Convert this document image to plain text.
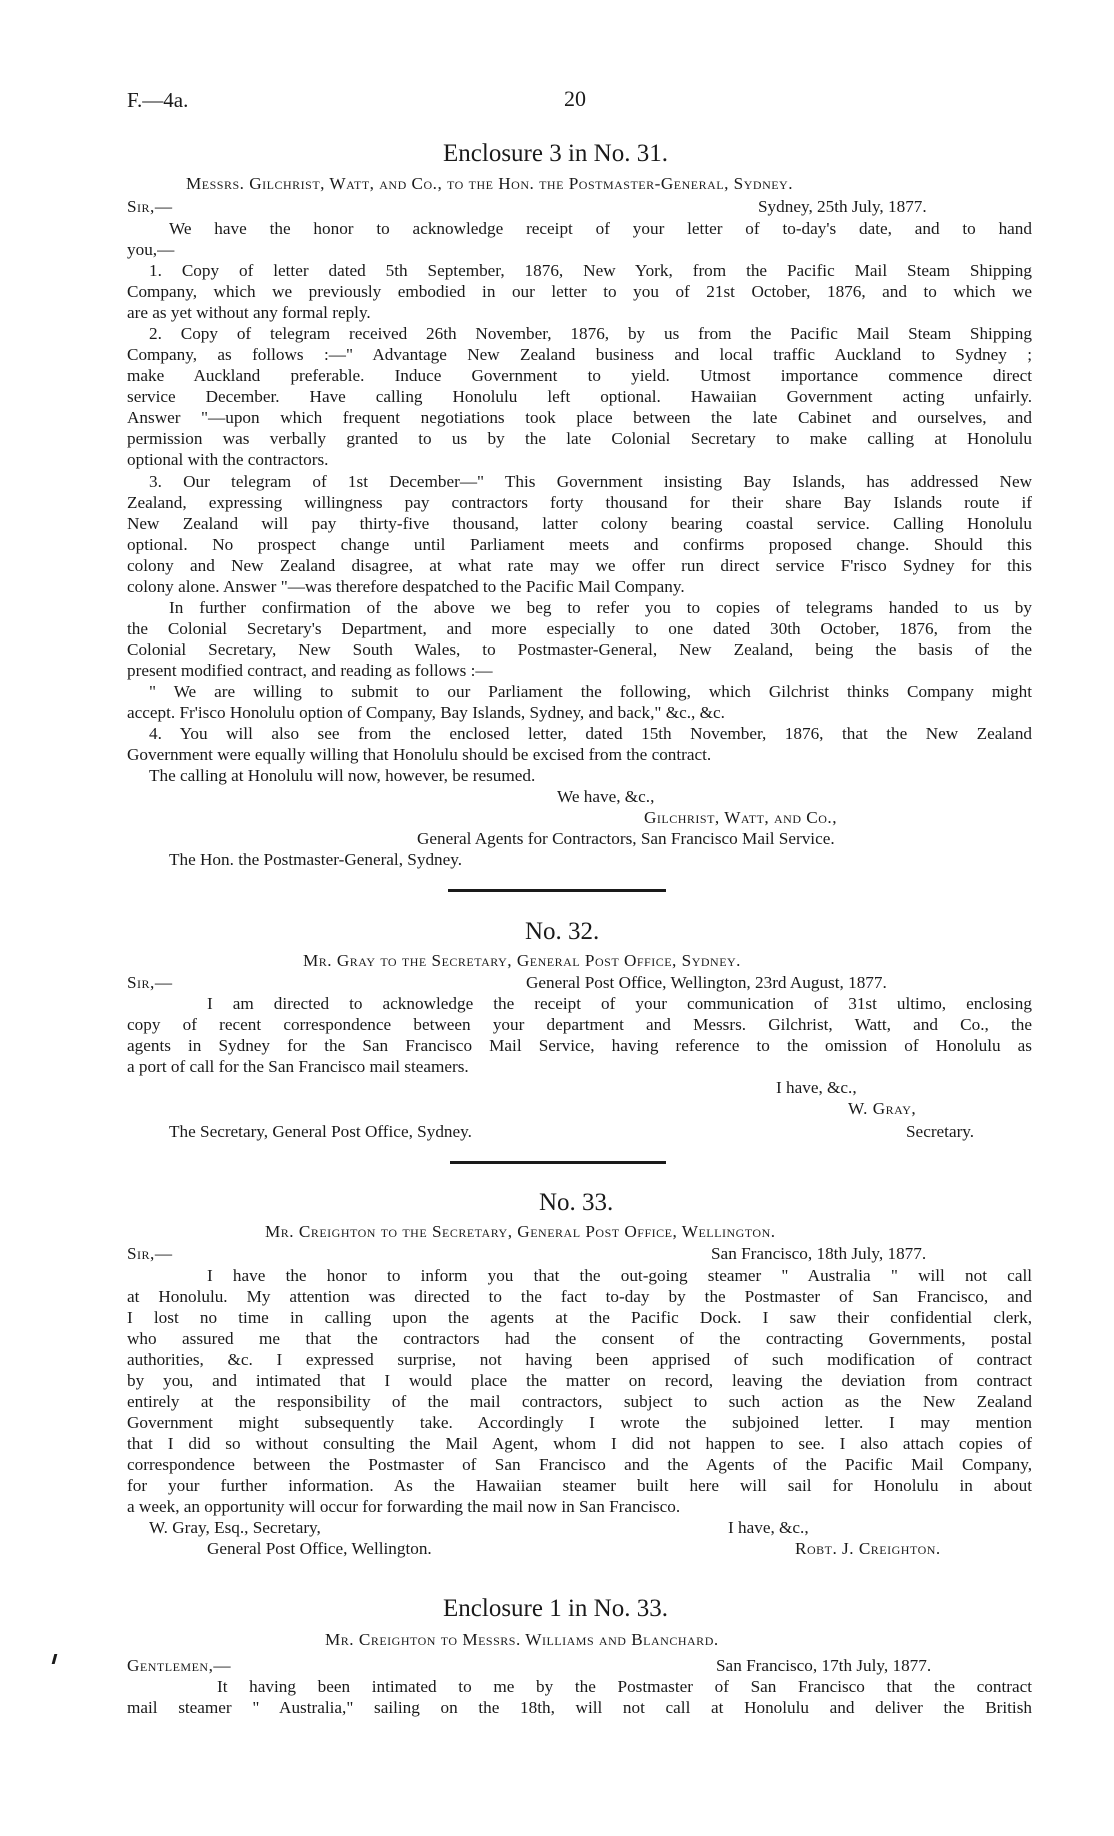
F.—4a.	20
Enclosure 3 in No. 31.
Messrs. Gilchrist, Watt, and Co., to the Hon. the Postmaster-General, Sydney.
Sir,—	Sydney, 25th July, 1877.
We have the honor to acknowledge receipt of your letter of to-day's date, and to hand
you,—
1. Copy of letter dated 5th September, 1876, New York, from the Pacific Mail Steam Shipping
Company, which we previously embodied in our letter to you of 21st October, 1876, and to which we
are as yet without any formal reply.
2. Copy of telegram received 26th November, 1876, by us from the Pacific Mail Steam Shipping
Company, as follows :—" Advantage New Zealand business and local traffic Auckland to Sydney ;
make Auckland preferable. Induce Government to yield. Utmost importance commence direct
service December. Have calling Honolulu left optional. Hawaiian Government acting unfairly.
Answer "—upon which frequent negotiations took place between the late Cabinet and ourselves, and
permission was verbally granted to us by the late Colonial Secretary to make calling at Honolulu
optional with the contractors.
3. Our telegram of 1st December—" This Government insisting Bay Islands, has addressed New
Zealand, expressing willingness pay contractors forty thousand for their share Bay Islands route if
New Zealand will pay thirty-five thousand, latter colony bearing coastal service. Calling Honolulu
optional. No prospect change until Parliament meets and confirms proposed change. Should this
colony and New Zealand disagree, at what rate may we offer run direct service F'risco Sydney for this
colony alone. Answer "—was therefore despatched to the Pacific Mail Company.
In further confirmation of the above we beg to refer you to copies of telegrams handed to us by
the Colonial Secretary's Department, and more especially to one dated 30th October, 1876, from the
Colonial Secretary, New South Wales, to Postmaster-General, New Zealand, being the basis of the
present modified contract, and reading as follows :—
" We are willing to submit to our Parliament the following, which Gilchrist thinks Company might
accept. Fr'isco Honolulu option of Company, Bay Islands, Sydney, and back," &c., &c.
4. You will also see from the enclosed letter, dated 15th November, 1876, that the New Zealand
Government were equally willing that Honolulu should be excised from the contract.
The calling at Honolulu will now, however, be resumed.
We have, &c.,
Gilchrist, Watt, and Co.,
General Agents for Contractors, San Francisco Mail Service.
The Hon. the Postmaster-General, Sydney.
No. 32.
Mr. Gray to the Secretary, General Post Office, Sydney.
Sir,—	General Post Office, Wellington, 23rd August, 1877.
I am directed to acknowledge the receipt of your communication of 31st ultimo, enclosing
copy of recent correspondence between your department and Messrs. Gilchrist, Watt, and Co., the
agents in Sydney for the San Francisco Mail Service, having reference to the omission of Honolulu as
a port of call for the San Francisco mail steamers.
I have, &c.,
W. Gray,
The Secretary, General Post Office, Sydney.	Secretary.
No. 33.
Mr. Creighton to the Secretary, General Post Office, Wellington.
Sir,—	San Francisco, 18th July, 1877.
I have the honor to inform you that the out-going steamer " Australia " will not call
at Honolulu. My attention was directed to the fact to-day by the Postmaster of San Francisco, and
I lost no time in calling upon the agents at the Pacific Dock. I saw their confidential clerk,
who assured me that the contractors had the consent of the contracting Governments, postal
authorities, &c. I expressed surprise, not having been apprised of such modification of contract
by you, and intimated that I would place the matter on record, leaving the deviation from contract
entirely at the responsibility of the mail contractors, subject to such action as the New Zealand
Government might subsequently take. Accordingly I wrote the subjoined letter. I may mention
that I did so without consulting the Mail Agent, whom I did not happen to see. I also attach copies of
correspondence between the Postmaster of San Francisco and the Agents of the Pacific Mail Company,
for your further information. As the Hawaiian steamer built here will sail for Honolulu in about
a week, an opportunity will occur for forwarding the mail now in San Francisco.
W. Gray, Esq., Secretary,	I have, &c.,
General Post Office, Wellington.	Robt. J. Creighton.
Enclosure 1 in No. 33.
Mr. Creighton to Messrs. Williams and Blanchard.
Gentlemen,—	San Francisco, 17th July, 1877.
It having been intimated to me by the Postmaster of San Francisco that the contract
mail steamer " Australia," sailing on the 18th, will not call at Honolulu and deliver the British
